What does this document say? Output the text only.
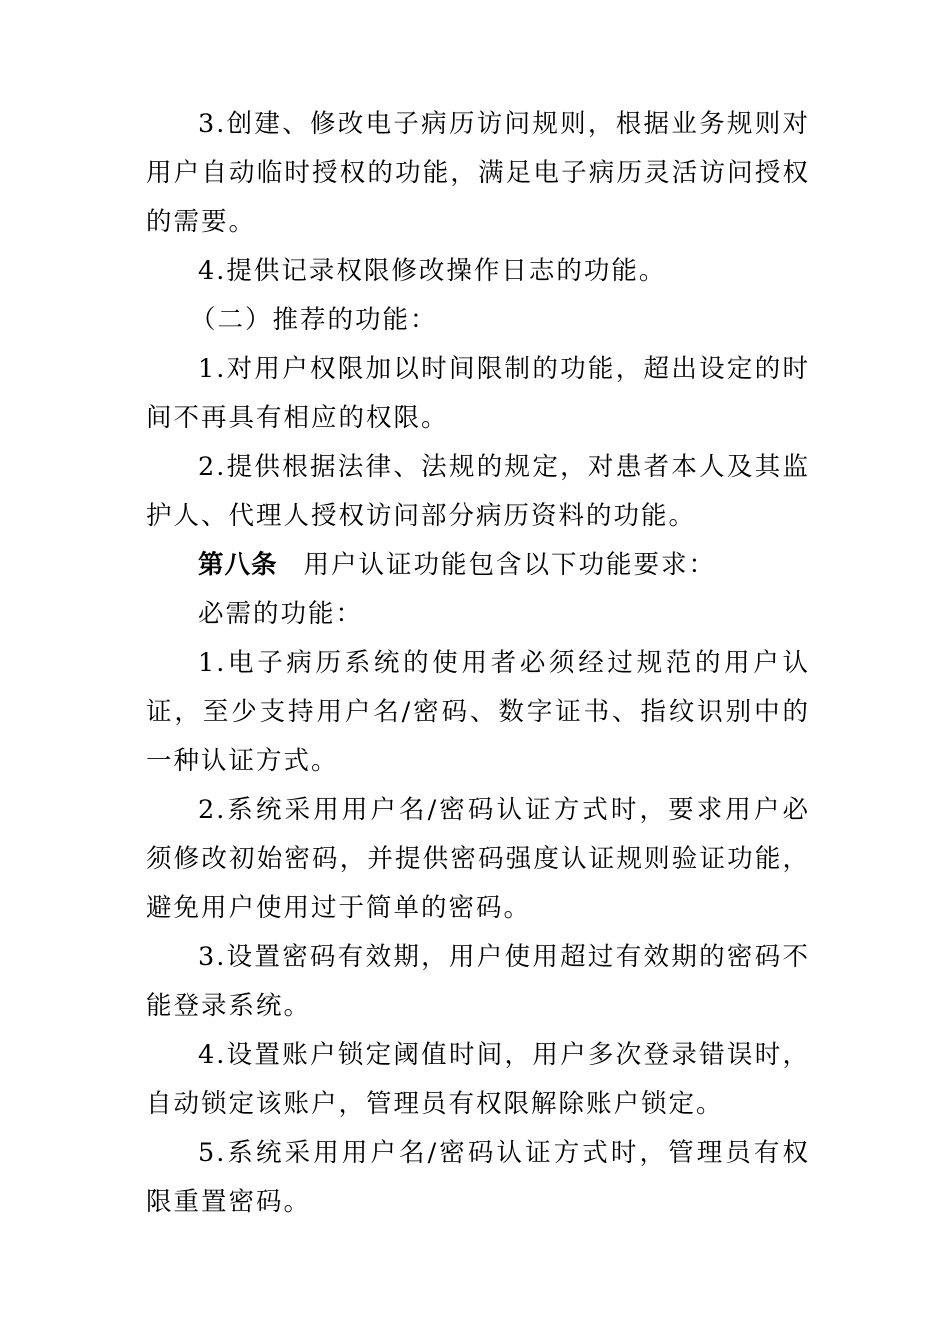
3.创建、修改电子病历访问规则，根据业务规则对用户自动临时授权的功能，满足电子病历灵活访问授权的需要。

4.提供记录权限修改操作日志的功能。

（二）推荐的功能：

1.对用户权限加以时间限制的功能，超出设定的时间不再具有相应的权限。

2.提供根据法律、法规的规定，对患者本人及其监护人、代理人授权访问部分病历资料的功能。

第八条 用户认证功能包含以下功能要求：

必需的功能：

1.电子病历系统的使用者必须经过规范的用户认证，至少支持用户名/密码、数字证书、指纹识别中的一种认证方式。

2.系统采用用户名/密码认证方式时，要求用户必须修改初始密码，并提供密码强度认证规则验证功能，避免用户使用过于简单的密码。

3.设置密码有效期，用户使用超过有效期的密码不能登录系统。

4.设置账户锁定阈值时间，用户多次登录错误时，自动锁定该账户，管理员有权限解除账户锁定。

5.系统采用用户名/密码认证方式时，管理员有权限重置密码。
